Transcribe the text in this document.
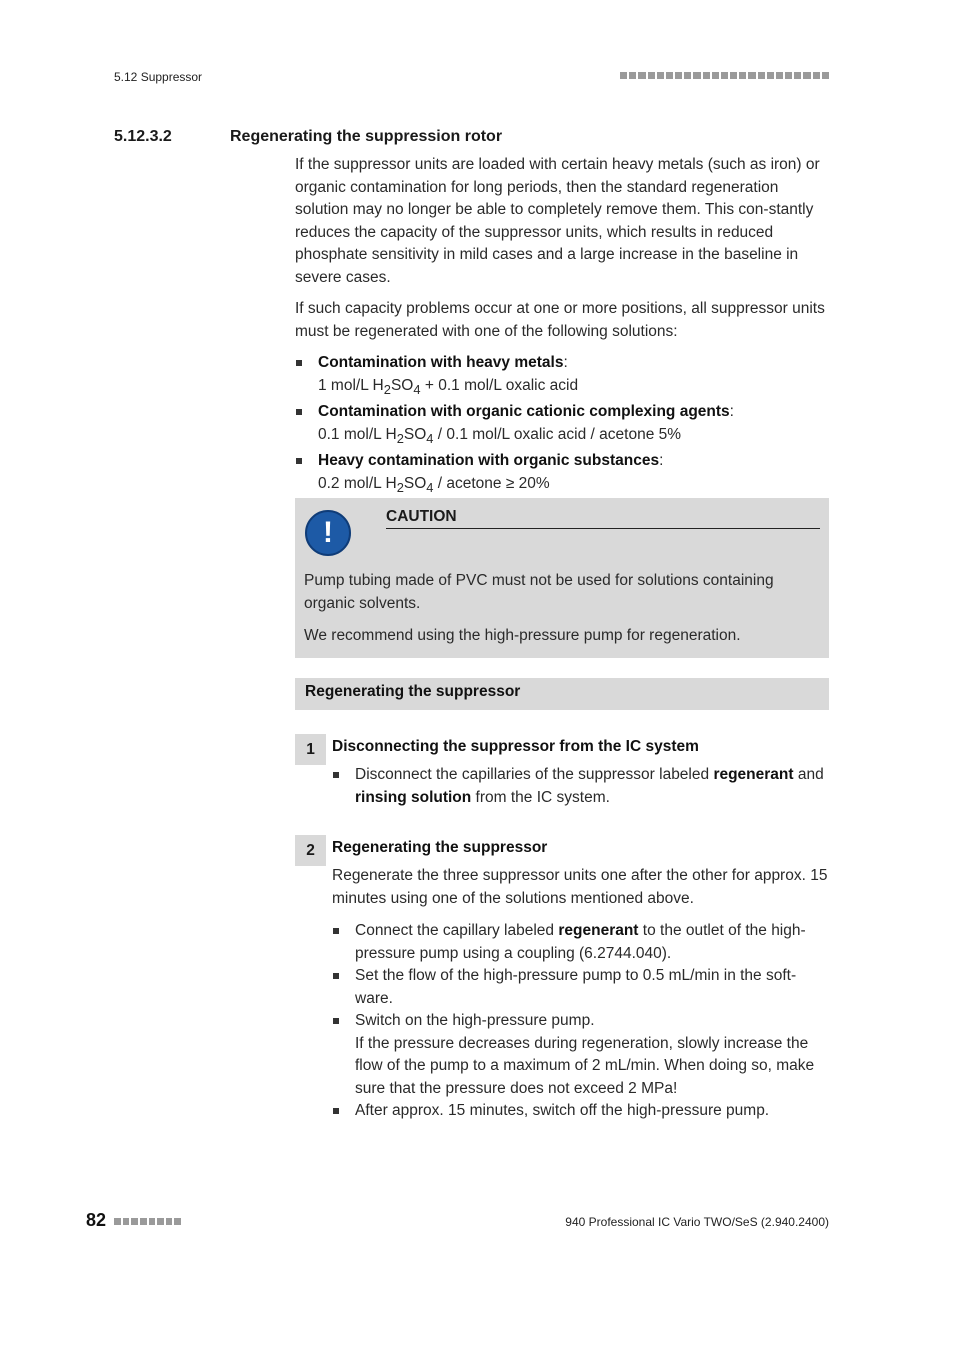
5.12 Suppressor
5.12.3.2	Regenerating the suppression rotor
If the suppressor units are loaded with certain heavy metals (such as iron) or organic contamination for long periods, then the standard regeneration solution may no longer be able to completely remove them. This con-stantly reduces the capacity of the suppressor units, which results in reduced phosphate sensitivity in mild cases and a large increase in the baseline in severe cases.
If such capacity problems occur at one or more positions, all suppressor units must be regenerated with one of the following solutions:
Contamination with heavy metals:
1 mol/L $H_2SO_4 + 0.1$ mol/L oxalic acid
Contamination with organic cationic complexing agents:
0.1 mol/L $H_2SO_4 / 0.1$ mol/L oxalic acid / acetone 5%
Heavy contamination with organic substances:
0.2 mol/L $H_2SO_4$ / acetone ≥ 20%
!	CAUTION
Pump tubing made of PVC must not be used for solutions containing organic solvents.
We recommend using the high-pressure pump for regeneration.
Regenerating the suppressor
1	Disconnecting the suppressor from the IC system
Disconnect the capillaries of the suppressor labeled regenerant and rinsing solution from the IC system.
2	Regenerating the suppressor
Regenerate the three suppressor units one after the other for approx. 15 minutes using one of the solutions mentioned above.
Connect the capillary labeled regenerant to the outlet of the high-pressure pump using a coupling (6.2744.040).
Set the flow of the high-pressure pump to 0.5 mL/min in the soft-ware.
Switch on the high-pressure pump.
If the pressure decreases during regeneration, slowly increase the flow of the pump to a maximum of 2 mL/min. When doing so, make sure that the pressure does not exceed 2 MPa!
After approx. 15 minutes, switch off the high-pressure pump.
82	940 Professional IC Vario TWO/SeS (2.940.2400)
